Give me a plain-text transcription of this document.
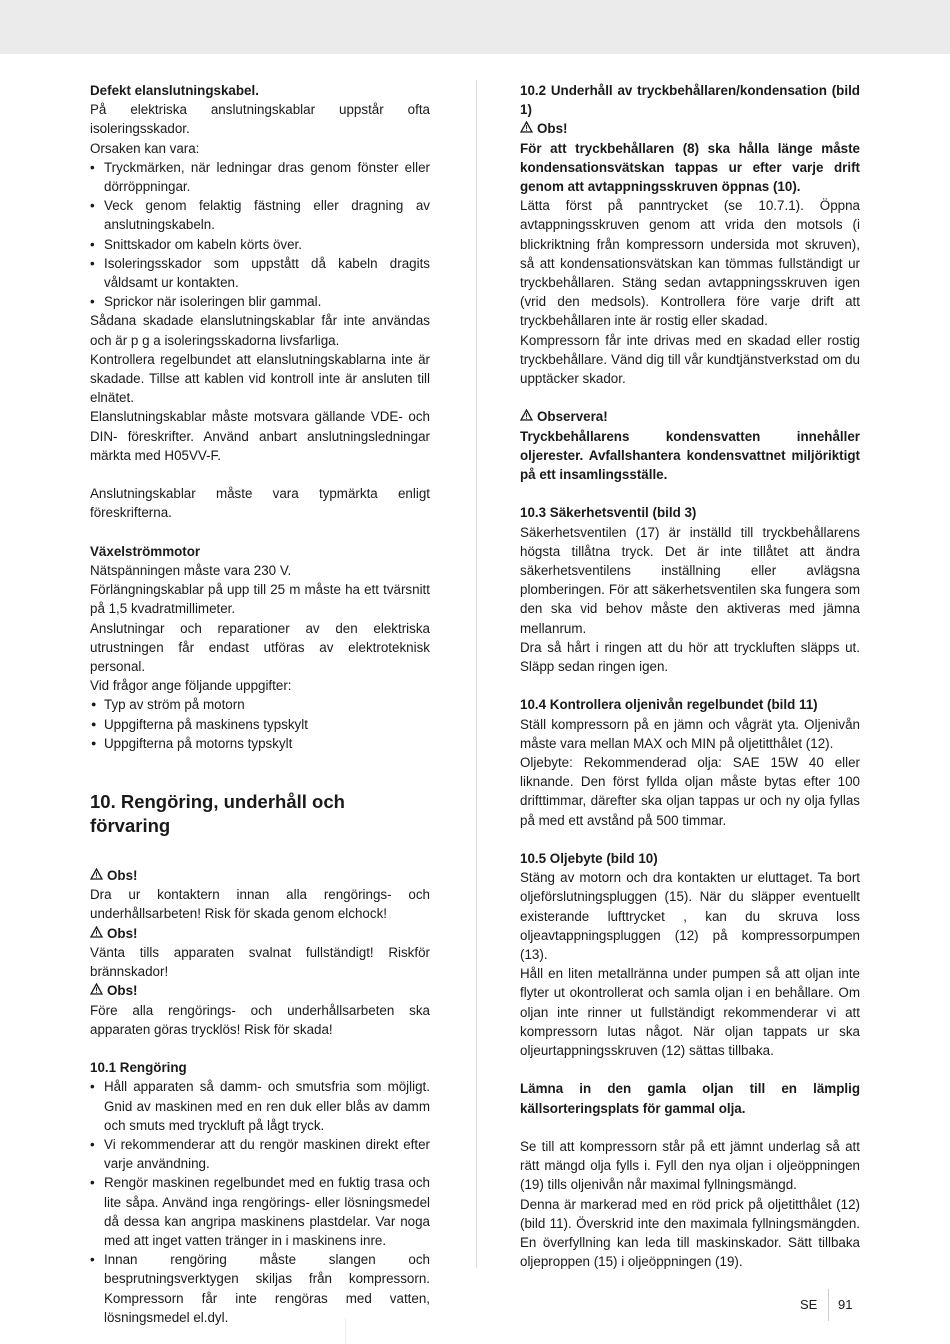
Defekt elanslutningskabel.

På elektriska anslutningskablar uppstår ofta isoleringsskador.

Orsaken kan vara:

• Tryckmärken, när ledningar dras genom fönster eller dörröppningar.
• Veck genom felaktig fästning eller dragning av anslutningskabeln.
• Snittskador om kabeln körts över.
• Isoleringsskador som uppstått då kabeln dragits våldsamt ur kontakten.
• Sprickor när isoleringen blir gammal.

Sådana skadade elanslutningskablar får inte användas och är p g a isoleringsskadorna livsfarliga.

Kontrollera regelbundet att elanslutningskablarna inte är skadade. Tillse att kablen vid kontroll inte är ansluten till elnätet.

Elanslutningskablar måste motsvara gällande VDE- och DIN- föreskrifter. Använd anbart anslutningsledningar märkta med H05VV-F.

Anslutningskablar måste vara typmärkta enligt föreskrifterna.

Växelströmmotor

Nätspänningen måste vara 230 V.

Förlängningskablar på upp till 25 m måste ha ett tvärsnitt på 1,5 kvadratmillimeter.

Anslutningar och reparationer av den elektriska utrustningen får endast utföras av elektroteknisk personal.

Vid frågor ange följande uppgifter:

● Typ av ström på motorn
● Uppgifterna på maskinens typskylt
● Uppgifterna på motorns typskylt
10. Rengöring, underhåll och förvaring

Obs!

Dra ur kontaktern innan alla rengörings- och underhållsarbeten! Risk för skada genom elchock!

Obs!

Vänta tills apparaten svalnat fullständigt! Riskför brännskador!

Obs!

Före alla rengörings- och underhållsarbeten ska apparaten göras trycklös! Risk för skada!

10.1 Rengöring

• Håll apparaten så damm- och smutsfria som möjligt. Gnid av maskinen med en ren duk eller blås av damm och smuts med tryckluft på lågt tryck.
• Vi rekommenderar att du rengör maskinen direkt efter varje användning.
• Rengör maskinen regelbundet med en fuktig trasa och lite såpa. Använd inga rengörings- eller lösningsmedel då dessa kan angripa maskinens plastdelar. Var noga med att inget vatten tränger in i maskinens inre.
• Innan rengöring måste slangen och besprutningsverktygen skiljas från kompressorn. Kompressorn får inte rengöras med vatten, lösningsmedel el.dyl.

10.2 Underhåll av tryckbehållaren/kondensation (bild 1)

Obs!

För att tryckbehållaren (8) ska hålla länge måste kondensationsvätskan tappas ur efter varje drift genom att avtappningsskruven öppnas (10).

Lätta först på panntrycket (se 10.7.1). Öppna avtappningsskruven genom att vrida den motsols (i blickriktning från kompressorn undersida mot skruven), så att kondensationsvätskan kan tömmas fullständigt ur tryckbehållaren. Stäng sedan avtappningsskruven igen (vrid den medsols). Kontrollera före varje drift att tryckbehållaren inte är rostig eller skadad.

Kompressorn får inte drivas med en skadad eller rostig tryckbehållare. Vänd dig till vår kundtjänstverkstad om du upptäcker skador.

Observera!

Tryckbehållarens kondensvatten innehåller oljerester. Avfallshantera kondensvattnet miljöriktigt på ett insamlingsställe.

10.3 Säkerhetsventil (bild 3)

Säkerhetsventilen (17) är inställd till tryckbehållarens högsta tillåtna tryck. Det är inte tillåtet att ändra säkerhetsventilens inställning eller avlägsna plomberingen. För att säkerhetsventilen ska fungera som den ska vid behov måste den aktiveras med jämna mellanrum.

Dra så hårt i ringen att du hör att tryckluften släpps ut. Släpp sedan ringen igen.

10.4 Kontrollera oljenivån regelbundet (bild 11)

Ställ kompressorn på en jämn och vågrät yta. Oljenivån måste vara mellan MAX och MIN på oljetitthålet (12).

Oljebyte: Rekommenderad olja: SAE 15W 40 eller liknande. Den först fyllda oljan måste bytas efter 100 drifttimmar, därefter ska oljan tappas ur och ny olja fyllas på med ett avstånd på 500 timmar.

10.5 Oljebyte (bild 10)

Stäng av motorn och dra kontakten ur eluttaget. Ta bort oljeförslutningspluggen (15). När du släpper eventuellt existerande lufttrycket , kan du skruva loss oljeavtappningspluggen (12) på kompressorpumpen (13).

Håll en liten metallränna under pumpen så att oljan inte flyter ut okontrollerat och samla oljan i en behållare. Om oljan inte rinner ut fullständigt rekommenderar vi att kompressorn lutas något. När oljan tappats ur ska oljeurtappningsskruven (12) sättas tillbaka.

Lämna in den gamla oljan till en lämplig källsorteringsplats för gammal olja.

Se till att kompressorn står på ett jämnt underlag så att rätt mängd olja fylls i. Fyll den nya oljan i oljeöppningen (19) tills oljenivån når maximal fyllningsmängd.

Denna är markerad med en röd prick på oljetitthålet (12) (bild 11). Överskrid inte den maximala fyllningsmängden. En överfyllning kan leda till maskinskador. Sätt tillbaka oljeproppen (15) i oljeöppningen (19).

SE 91
